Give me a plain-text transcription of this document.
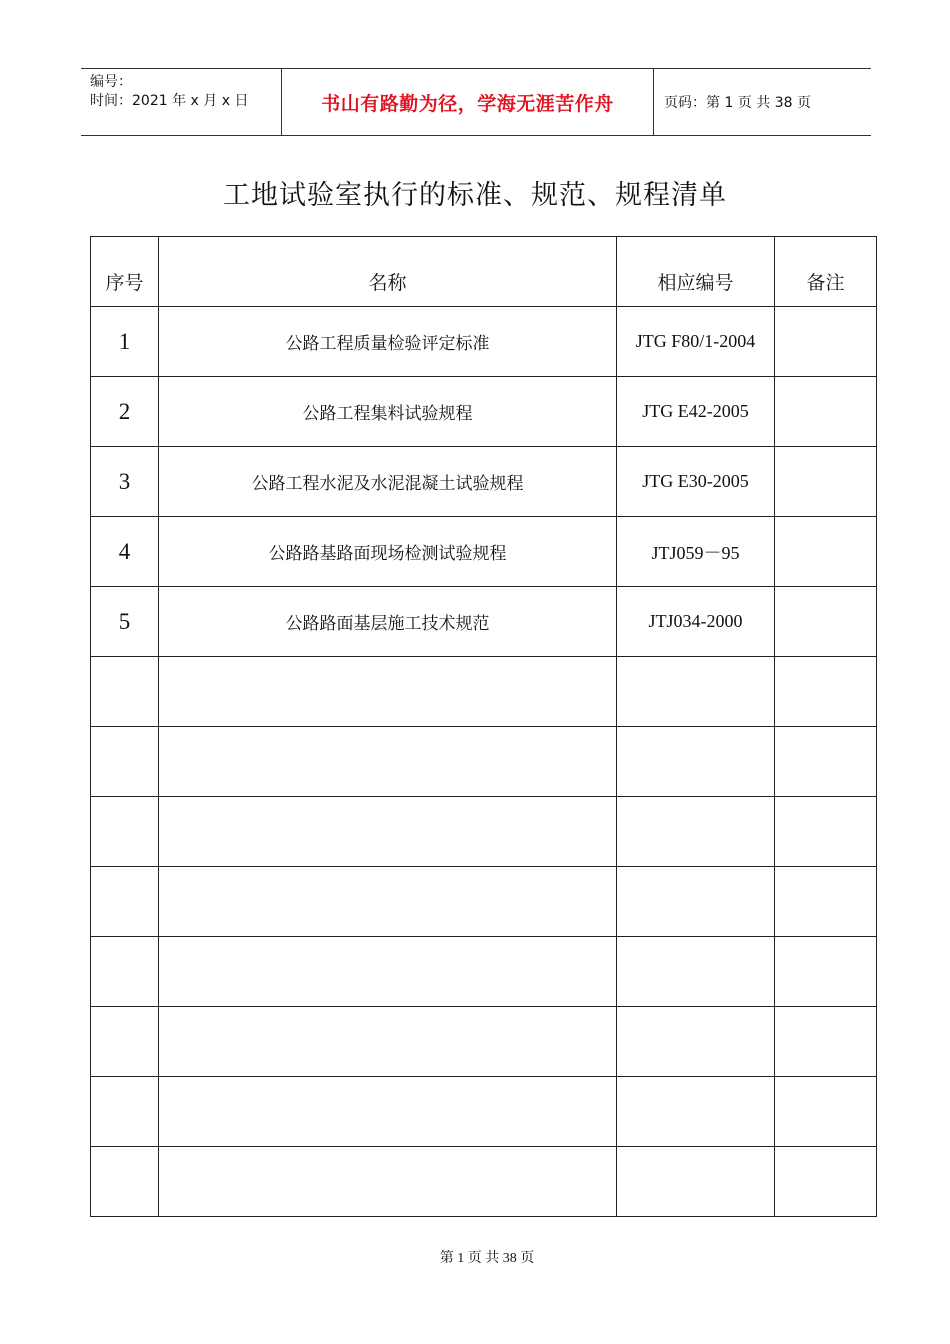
编号：
时间：2021 年 x 月 x 日	书山有路勤为径，学海无涯苦作舟	页码：第 1 页 共 38 页
工地试验室执行的标准、规范、规程清单
序号	名称	相应编号	备注
1	公路工程质量检验评定标准	JTG F80/1-2004	
2	公路工程集料试验规程	JTG E42-2005	
3	公路工程水泥及水泥混凝土试验规程	JTG E30-2005	
4	公路路基路面现场检测试验规程	JTJ059－95	
5	公路路面基层施工技术规范	JTJ034-2000	

第 1 页 共 38 页
